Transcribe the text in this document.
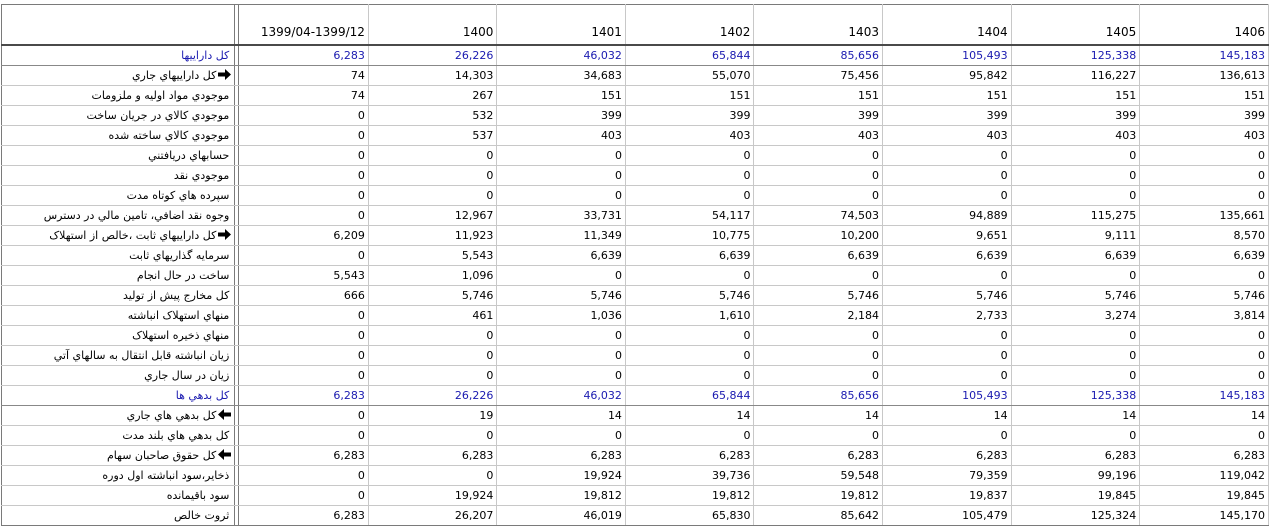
		1399/04-1399/12	1400	1401	1402	1403	1404	1405	1406
کل داراييها		6,283	26,226	46,032	65,844	85,656	105,493	125,338	145,183

کل داراييهاي جاري		74	14,303	34,683	55,070	75,456	95,842	116,227	136,613
موجودي مواد اوليه و ملزومات		74	267	151	151	151	151	151	151
موجودي کالاي در جريان ساخت		0	532	399	399	399	399	399	399
موجودي کالاي ساخته شده		0	537	403	403	403	403	403	403
حسابهاي دريافتني		0	0	0	0	0	0	0	0
موجودي نقد		0	0	0	0	0	0	0	0
سپرده هاي کوتاه مدت		0	0	0	0	0	0	0	0
وجوه نقد اضافي، تامين مالي در دسترس		0	12,967	33,731	54,117	74,503	94,889	115,275	135,661

کل داراييهاي ثابت ،خالص از استهلاک		6,209	11,923	11,349	10,775	10,200	9,651	9,111	8,570
سرمايه گذاريهاي ثابت		0	5,543	6,639	6,639	6,639	6,639	6,639	6,639
ساخت در حال انجام		5,543	1,096	0	0	0	0	0	0
کل مخارج پيش از توليد		666	5,746	5,746	5,746	5,746	5,746	5,746	5,746
منهاي استهلاک انباشته		0	461	1,036	1,610	2,184	2,733	3,274	3,814
منهاي ذخيره استهلاک		0	0	0	0	0	0	0	0
زيان انباشته قابل انتقال به سالهاي آتي		0	0	0	0	0	0	0	0
زيان در سال جاري		0	0	0	0	0	0	0	0
کل بدهي ها		6,283	26,226	46,032	65,844	85,656	105,493	125,338	145,183

کل بدهي هاي جاري		0	19	14	14	14	14	14	14
کل بدهي هاي بلند مدت		0	0	0	0	0	0	0	0

کل حقوق صاحبان سهام		6,283	6,283	6,283	6,283	6,283	6,283	6,283	6,283
ذخاير،سود انباشته اول دوره		0	0	19,924	39,736	59,548	79,359	99,196	119,042
سود باقيمانده		0	19,924	19,812	19,812	19,812	19,837	19,845	19,845
ثروت خالص		6,283	26,207	46,019	65,830	85,642	105,479	125,324	145,170
